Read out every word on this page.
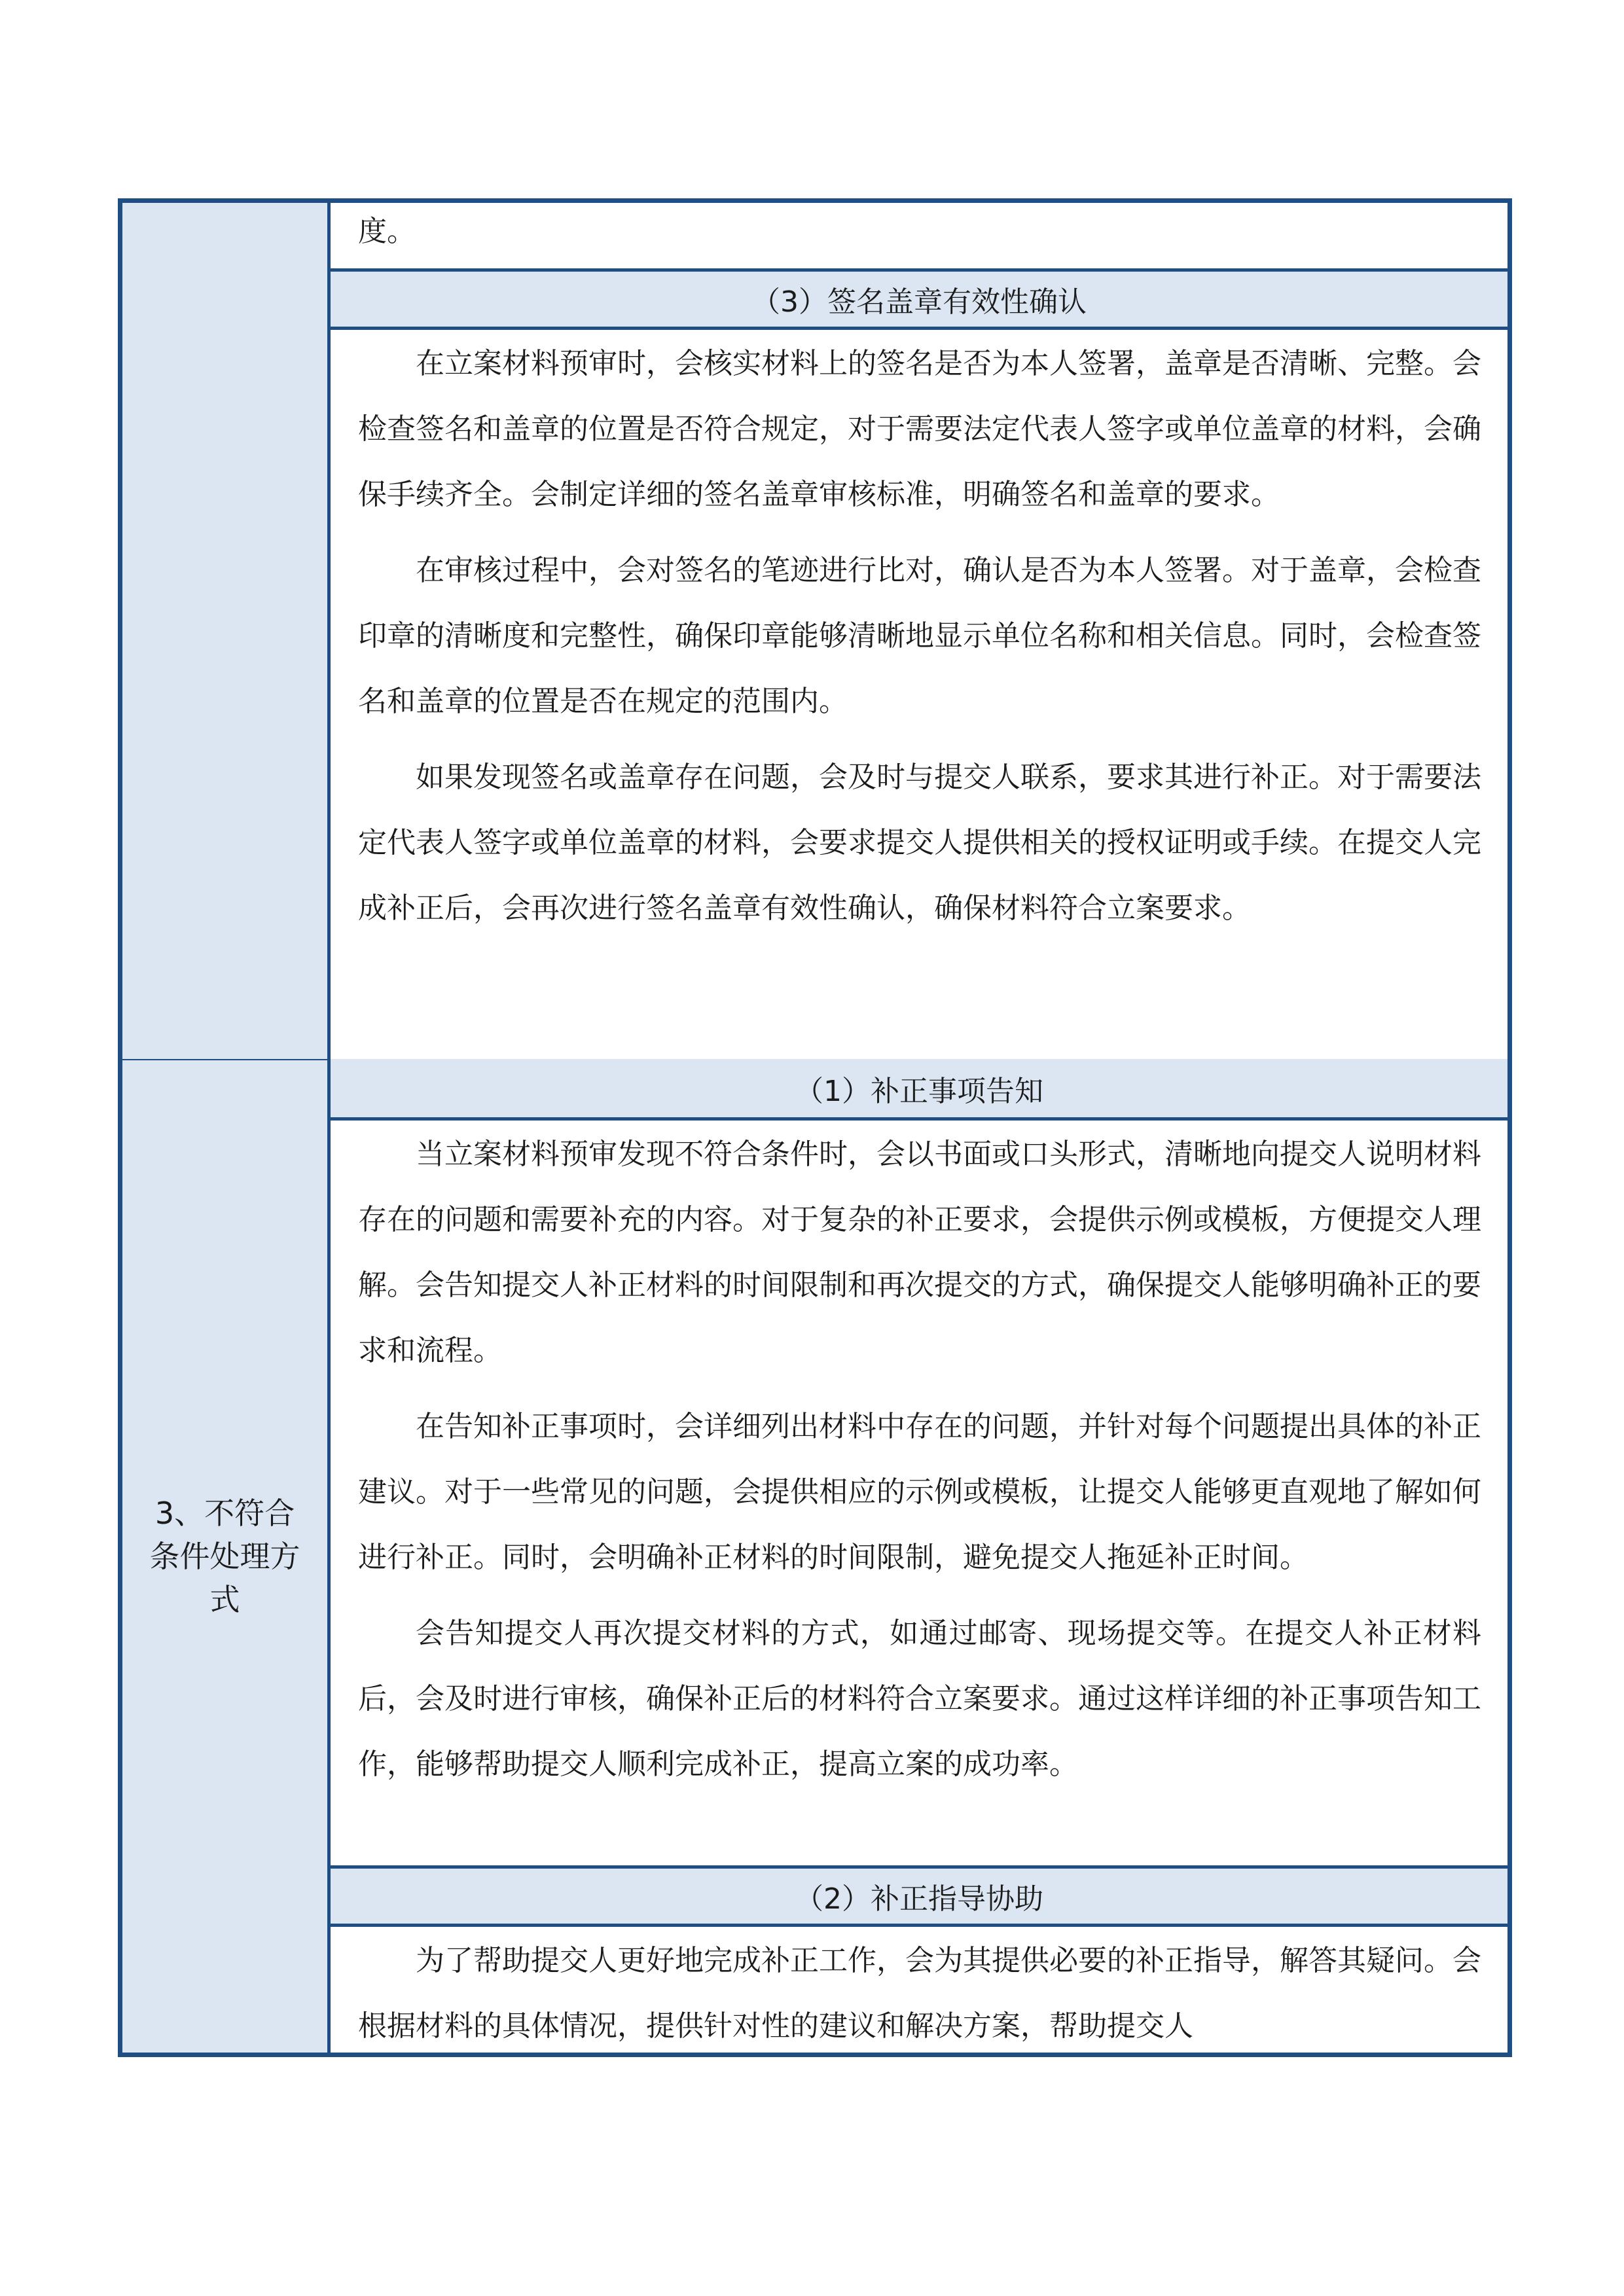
度。

（3）签名盖章有效性确认

在立案材料预审时，会核实材料上的签名是否为本人签署，盖章是否清晰、完整。会检查签名和盖章的位置是否符合规定，对于需要法定代表人签字或单位盖章的材料，会确保手续齐全。会制定详细的签名盖章审核标准，明确签名和盖章的要求。

在审核过程中，会对签名的笔迹进行比对，确认是否为本人签署。对于盖章，会检查印章的清晰度和完整性，确保印章能够清晰地显示单位名称和相关信息。同时，会检查签名和盖章的位置是否在规定的范围内。

如果发现签名或盖章存在问题，会及时与提交人联系，要求其进行补正。对于需要法定代表人签字或单位盖章的材料，会要求提交人提供相关的授权证明或手续。在提交人完成补正后，会再次进行签名盖章有效性确认，确保材料符合立案要求。

3、不符合条件处理方式
（1）补正事项告知

当立案材料预审发现不符合条件时，会以书面或口头形式，清晰地向提交人说明材料存在的问题和需要补充的内容。对于复杂的补正要求，会提供示例或模板，方便提交人理解。会告知提交人补正材料的时间限制和再次提交的方式，确保提交人能够明确补正的要求和流程。

在告知补正事项时，会详细列出材料中存在的问题，并针对每个问题提出具体的补正建议。对于一些常见的问题，会提供相应的示例或模板，让提交人能够更直观地了解如何进行补正。同时，会明确补正材料的时间限制，避免提交人拖延补正时间。

会告知提交人再次提交材料的方式，如通过邮寄、现场提交等。在提交人补正材料后，会及时进行审核，确保补正后的材料符合立案要求。通过这样详细的补正事项告知工作，能够帮助提交人顺利完成补正，提高立案的成功率。

（2）补正指导协助

为了帮助提交人更好地完成补正工作，会为其提供必要的补正指导，解答其疑问。会根据材料的具体情况，提供针对性的建议和解决方案，帮助提交人
